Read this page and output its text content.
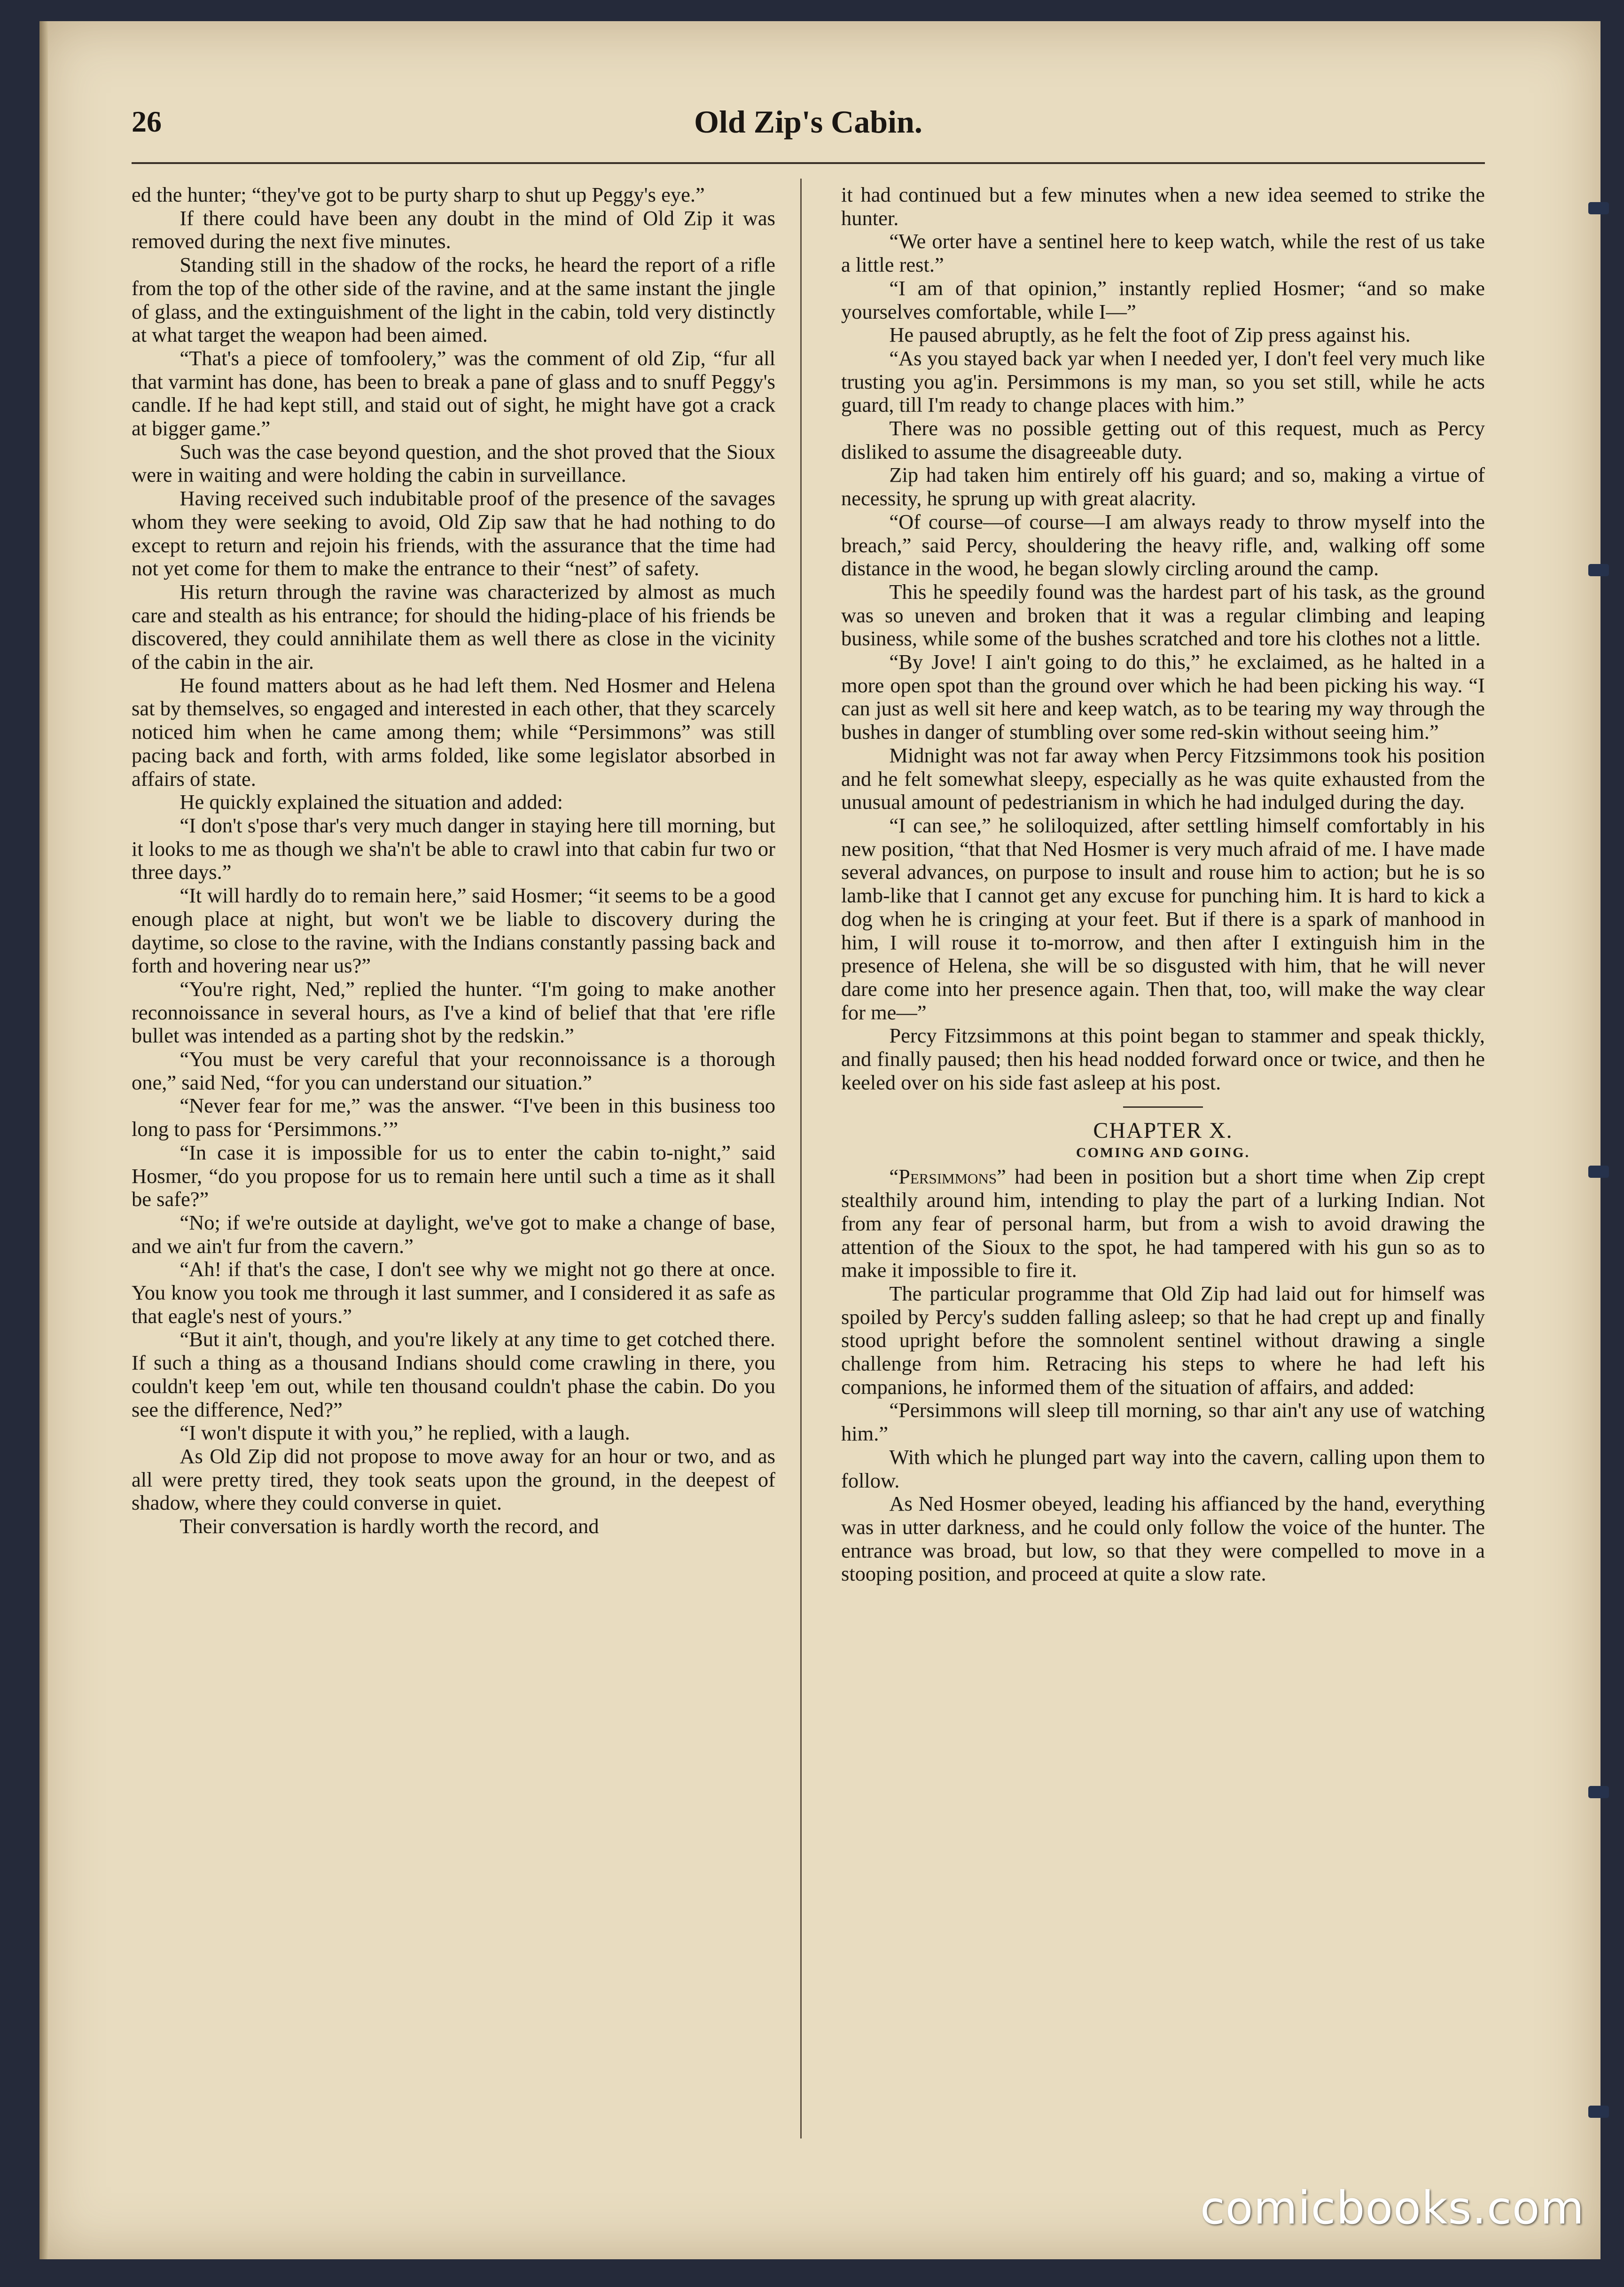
26	Old Zip's Cabin.

ed the hunter; “they've got to be purty sharp to shut up Peggy's eye.”

If there could have been any doubt in the mind of Old Zip it was removed during the next five minutes.

Standing still in the shadow of the rocks, he heard the report of a rifle from the top of the other side of the ravine, and at the same instant the jingle of glass, and the extinguishment of the light in the cabin, told very distinctly at what target the weapon had been aimed.

“That's a piece of tomfoolery,” was the comment of old Zip, “fur all that varmint has done, has been to break a pane of glass and to snuff Peggy's candle. If he had kept still, and staid out of sight, he might have got a crack at bigger game.”

Such was the case beyond question, and the shot proved that the Sioux were in waiting and were holding the cabin in surveillance.

Having received such indubitable proof of the presence of the savages whom they were seeking to avoid, Old Zip saw that he had nothing to do except to return and rejoin his friends, with the assurance that the time had not yet come for them to make the entrance to their “nest” of safety.

His return through the ravine was characterized by almost as much care and stealth as his entrance; for should the hiding-place of his friends be discovered, they could annihilate them as well there as close in the vicinity of the cabin in the air.

He found matters about as he had left them. Ned Hosmer and Helena sat by themselves, so engaged and interested in each other, that they scarcely noticed him when he came among them; while “Persimmons” was still pacing back and forth, with arms folded, like some legislator absorbed in affairs of state.

He quickly explained the situation and added:

“I don't s'pose thar's very much danger in staying here till morning, but it looks to me as though we sha'n't be able to crawl into that cabin fur two or three days.”

“It will hardly do to remain here,” said Hosmer; “it seems to be a good enough place at night, but won't we be liable to discovery during the daytime, so close to the ravine, with the Indians constantly passing back and forth and hovering near us?”

“You're right, Ned,” replied the hunter. “I'm going to make another reconnoissance in several hours, as I've a kind of belief that that 'ere rifle bullet was intended as a parting shot by the redskin.”

“You must be very careful that your reconnoissance is a thorough one,” said Ned, “for you can understand our situation.”

“Never fear for me,” was the answer. “I've been in this business too long to pass for ‘Persimmons.’”

“In case it is impossible for us to enter the cabin to-night,” said Hosmer, “do you propose for us to remain here until such a time as it shall be safe?”

“No; if we're outside at daylight, we've got to make a change of base, and we ain't fur from the cavern.”

“Ah! if that's the case, I don't see why we might not go there at once. You know you took me through it last summer, and I considered it as safe as that eagle's nest of yours.”

“But it ain't, though, and you're likely at any time to get cotched there. If such a thing as a thousand Indians should come crawling in there, you couldn't keep 'em out, while ten thousand couldn't phase the cabin. Do you see the difference, Ned?”

“I won't dispute it with you,” he replied, with a laugh.

As Old Zip did not propose to move away for an hour or two, and as all were pretty tired, they took seats upon the ground, in the deepest of shadow, where they could converse in quiet.

Their conversation is hardly worth the record, and

it had continued but a few minutes when a new idea seemed to strike the hunter.

“We orter have a sentinel here to keep watch, while the rest of us take a little rest.”

“I am of that opinion,” instantly replied Hosmer; “and so make yourselves comfortable, while I—”

He paused abruptly, as he felt the foot of Zip press against his.

“As you stayed back yar when I needed yer, I don't feel very much like trusting you ag'in. Persimmons is my man, so you set still, while he acts guard, till I'm ready to change places with him.”

There was no possible getting out of this request, much as Percy disliked to assume the disagreeable duty.

Zip had taken him entirely off his guard; and so, making a virtue of necessity, he sprung up with great alacrity.

“Of course—of course—I am always ready to throw myself into the breach,” said Percy, shouldering the heavy rifle, and, walking off some distance in the wood, he began slowly circling around the camp.

This he speedily found was the hardest part of his task, as the ground was so uneven and broken that it was a regular climbing and leaping business, while some of the bushes scratched and tore his clothes not a little.

“By Jove! I ain't going to do this,” he exclaimed, as he halted in a more open spot than the ground over which he had been picking his way. “I can just as well sit here and keep watch, as to be tearing my way through the bushes in danger of stumbling over some red-skin without seeing him.”

Midnight was not far away when Percy Fitzsimmons took his position and he felt somewhat sleepy, especially as he was quite exhausted from the unusual amount of pedestrianism in which he had indulged during the day.

“I can see,” he soliloquized, after settling himself comfortably in his new position, “that that Ned Hosmer is very much afraid of me. I have made several advances, on purpose to insult and rouse him to action; but he is so lamb-like that I cannot get any excuse for punching him. It is hard to kick a dog when he is cringing at your feet. But if there is a spark of manhood in him, I will rouse it to-morrow, and then after I extinguish him in the presence of Helena, she will be so disgusted with him, that he will never dare come into her presence again. Then that, too, will make the way clear for me—”

Percy Fitzsimmons at this point began to stammer and speak thickly, and finally paused; then his head nodded forward once or twice, and then he keeled over on his side fast asleep at his post.

CHAPTER X.
COMING AND GOING.

“Persimmons” had been in position but a short time when Zip crept stealthily around him, intending to play the part of a lurking Indian. Not from any fear of personal harm, but from a wish to avoid drawing the attention of the Sioux to the spot, he had tampered with his gun so as to make it impossible to fire it.

The particular programme that Old Zip had laid out for himself was spoiled by Percy's sudden falling asleep; so that he had crept up and finally stood upright before the somnolent sentinel without drawing a single challenge from him. Retracing his steps to where he had left his companions, he informed them of the situation of affairs, and added:

“Persimmons will sleep till morning, so thar ain't any use of watching him.”

With which he plunged part way into the cavern, calling upon them to follow.

As Ned Hosmer obeyed, leading his affianced by the hand, everything was in utter darkness, and he could only follow the voice of the hunter. The entrance was broad, but low, so that they were compelled to move in a stooping position, and proceed at quite a slow rate.

comicbooks.com
